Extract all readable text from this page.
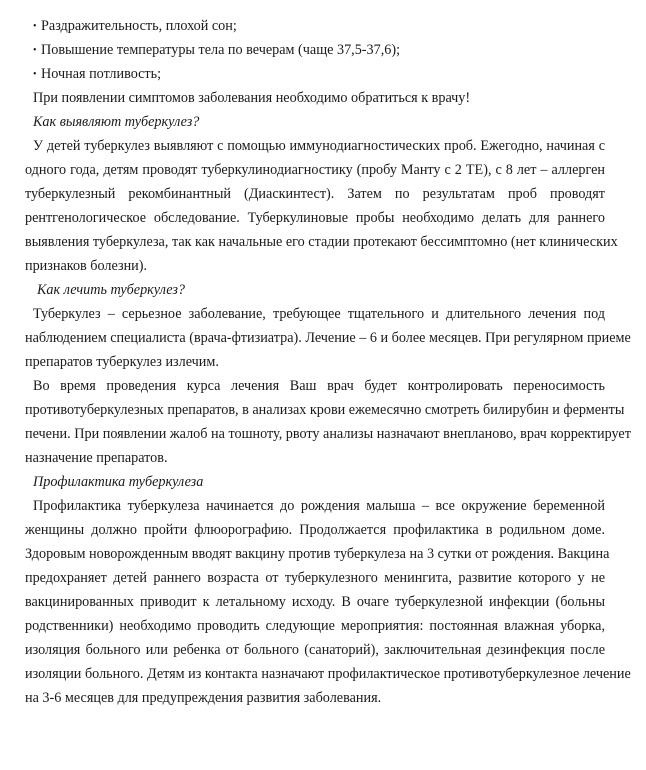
• Раздражительность, плохой сон;
• Повышение температуры тела по вечерам (чаще 37,5-37,6);
• Ночная потливость;
При появлении симптомов заболевания необходимо обратиться к врачу!
Как выявляют туберкулез?
У детей туберкулез выявляют с помощью иммунодиагностических проб. Ежегодно, начиная с
одного года, детям проводят туберкулинодиагностику (пробу Манту с 2 ТЕ), с 8 лет – аллерген
туберкулезный рекомбинантный (Диаскинтест). Затем по результатам проб проводят
рентгенологическое обследование. Туберкулиновые пробы необходимо делать для раннего
выявления туберкулеза, так как начальные его стадии протекают бессимптомно (нет клинических
признаков болезни).
Как лечить туберкулез?
Туберкулез – серьезное заболевание, требующее тщательного и длительного лечения под
наблюдением специалиста (врача-фтизиатра). Лечение – 6 и более месяцев. При регулярном приеме
препаратов туберкулез излечим.
Во время проведения курса лечения Ваш врач будет контролировать переносимость
противотуберкулезных препаратов, в анализах крови ежемесячно смотреть билирубин и ферменты
печени. При появлении жалоб на тошноту, рвоту анализы назначают внепланово, врач корректирует
назначение препаратов.
Профилактика туберкулеза
Профилактика туберкулеза начинается до рождения малыша – все окружение беременной
женщины должно пройти флюорографию. Продолжается профилактика в родильном доме.
Здоровым новорожденным вводят вакцину против туберкулеза на 3 сутки от рождения. Вакцина
предохраняет детей раннего возраста от туберкулезного менингита, развитие которого у не
вакцинированных приводит к летальному исходу. В очаге туберкулезной инфекции (больны
родственники) необходимо проводить следующие мероприятия: постоянная влажная уборка,
изоляция больного или ребенка от больного (санаторий), заключительная дезинфекция после
изоляции больного. Детям из контакта назначают профилактическое противотуберкулезное лечение
на 3-6 месяцев для предупреждения развития заболевания.
